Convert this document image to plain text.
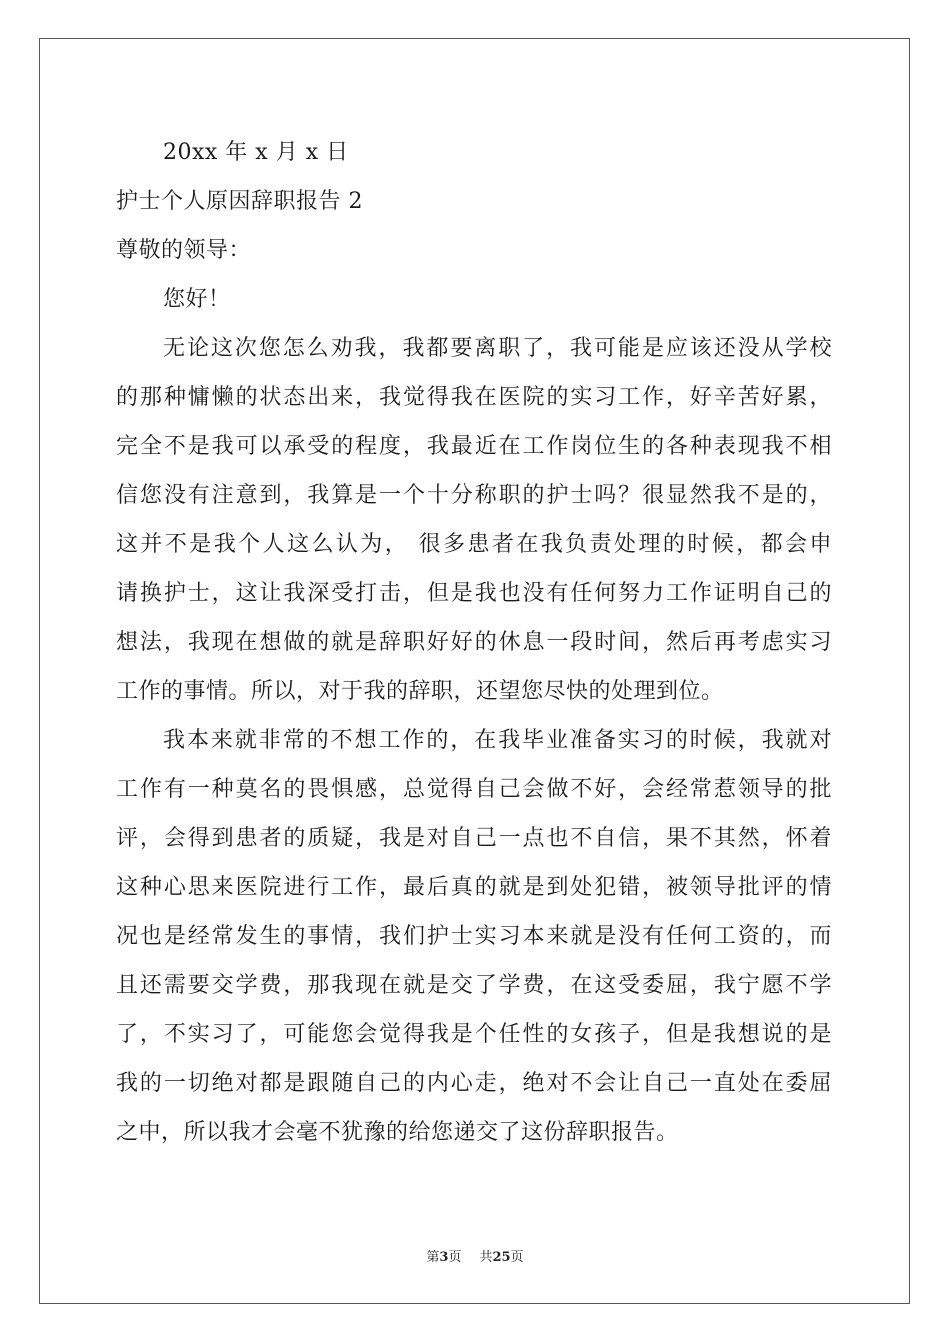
20xx 年 x 月 x 日
护士个人原因辞职报告 2
尊敬的领导：
您好！
无论这次您怎么劝我，我都要离职了，我可能是应该还没从学校
的那种慵懒的状态出来，我觉得我在医院的实习工作，好辛苦好累，
完全不是我可以承受的程度，我最近在工作岗位生的各种表现我不相
信您没有注意到，我算是一个十分称职的护士吗？很显然我不是的，
这并不是我个人这么认为， 很多患者在我负责处理的时候，都会申
请换护士，这让我深受打击，但是我也没有任何努力工作证明自己的
想法，我现在想做的就是辞职好好的休息一段时间，然后再考虑实习
工作的事情。所以，对于我的辞职，还望您尽快的处理到位。
我本来就非常的不想工作的，在我毕业准备实习的时候，我就对
工作有一种莫名的畏惧感，总觉得自己会做不好，会经常惹领导的批
评，会得到患者的质疑，我是对自己一点也不自信，果不其然，怀着
这种心思来医院进行工作，最后真的就是到处犯错，被领导批评的情
况也是经常发生的事情，我们护士实习本来就是没有任何工资的，而
且还需要交学费，那我现在就是交了学费，在这受委屈，我宁愿不学
了，不实习了，可能您会觉得我是个任性的女孩子，但是我想说的是
我的一切绝对都是跟随自己的内心走，绝对不会让自己一直处在委屈
之中，所以我才会毫不犹豫的给您递交了这份辞职报告。
第3页 共25页
